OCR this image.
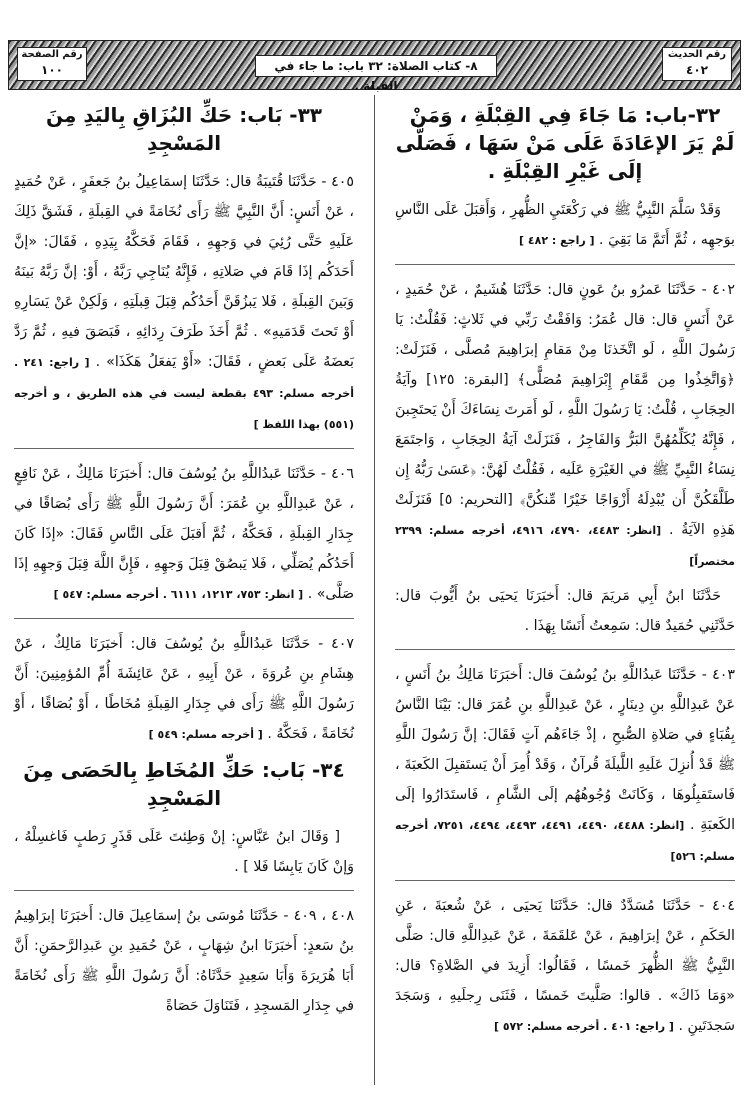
رقم الحديث
٤٠٢
٨- كتاب الصلاة: ٣٢ باب: ما جاء في القبلة .
رقم الصفحة
١٠٠
٣٢-باب: مَا جَاءَ فِي القِبْلَةِ ، وَمَنْ لَمْ يَرَ الإعَادَةَ عَلَى مَنْ سَهَا ، فَصَلَّى إلَى غَيْرِ القِبْلَةِ .

وَقَدْ سَلَّمَ النَّبِيُّ ﷺ في رَكْعَتَيِ الظُّهرِ ، وَأَقبَلَ عَلَى النَّاسِ بوَجهِه ، ثُمَّ أَتَمَّ مَا بَقِيَ . [ راجع : ٤٨٢ ]

٤٠٢ - حَدَّثَنَا عَمرُو بنُ عَونٍ قال: حَدَّثَنَا هُشَيمٌ ، عَنْ حُمَيدٍ ، عَنْ أَنَسٍ قال: قال عُمَرُ: وَافَقْتُ رَبِّي في ثَلاثٍ: فَقُلْتُ: يَا رَسُولَ اللَّهِ ، لَو اتَّخَذنَا مِنْ مَقامِ إبرَاهِيمَ مُصلَّى ، فَنَزَلَتْ: ﴿وَاتَّخِذُوا مِن مَّقَامِ إِبْرَاهِيمَ مُصَلًّى﴾ [البقرة: ١٢٥] وآيَةُ الحِجَابِ ، قُلْتُ: يَا رَسُولَ اللَّهِ ، لَو أَمَرتَ نِسَاءَكَ أَنْ يَحتَجِبنَ ، فَإِنَّهُ يُكَلِّمُهُنَّ البَرُّ وَالفَاجِرُ ، فَنَزَلَتْ آيَةُ الحِجَابِ ، وَاجتَمَعَ نِسَاءُ النَّبِيِّ ﷺ في الغَيْرَةِ عَلَيه ، فَقُلْتُ لَهُنَّ: ﴿عَسَىٰ رَبُّهُ إِن طَلَّقَكُنَّ أَن يُبْدِلَهُ أَزْوَاجًا خَيْرًا مِّنكُنَّ﴾ [التحريم: ٥] فَنَزَلَتْ هَذِهِ الآيَةُ . [انظر: ٤٤٨٣، ٤٧٩٠، ٤٩١٦، أخرجه مسلم: ٢٣٩٩ مختصراً]

حَدَّثَنَا ابنُ أَبِي مَريَمَ قال: أَخبَرَنَا يَحيَى بنُ أَيُّوبَ قال: حَدَّثَنِي حُمَيدٌ قال: سَمِعتُ أَنَسًا بِهَذَا .

٤٠٣ - حَدَّثَنَا عَبدُاللَّهِ بنُ يُوسُفَ قال: أَخبَرَنَا مَالِكُ بنُ أَنَسٍ ، عَنْ عَبدِاللَّهِ بنِ دِينَارٍ ، عَنْ عَبدِاللَّهِ بنِ عُمَرَ قال: بَيْنَا النَّاسُ بِقُبَاءٍ في صَلاةِ الصُّبحِ ، إذْ جَاءَهُم آتٍ فَقَالَ: إنَّ رَسُولَ اللَّهِ ﷺ قَدْ أُنزِلَ عَلَيهِ اللَّيلَةَ قُرآنٌ ، وَقَدْ أُمِرَ أَنْ يَستَقبِلَ الكَعبَةَ ، فَاستَقبِلُوهَا ، وَكَانَتْ وُجُوهُهُم إلَى الشَّامِ ، فَاستَدَارُوا إلَى الكَعبَةِ . [انظر: ٤٤٨٨، ٤٤٩٠، ٤٤٩١، ٤٤٩٣، ٤٤٩٤، ٧٢٥١، أخرجه مسلم: ٥٢٦]

٤٠٤ - حَدَّثَنَا مُسَدَّدٌ قال: حَدَّثَنَا يَحيَى ، عَنْ شُعبَةَ ، عَنِ الحَكَمِ ، عَنْ إبرَاهِيمَ ، عَنْ عَلقَمَةَ ، عَنْ عَبدِاللَّهِ قال: صَلَّى النَّبِيُّ ﷺ الظُّهرَ خَمسًا ، فَقَالُوا: أَزِيدَ في الصَّلاةِ؟ قال: «وَمَا ذَاكَ» . قالوا: صَلَّيتَ خَمسًا ، فَثَنَى رِجلَيهِ ، وَسَجَدَ سَجدَتَينِ . [ راجع: ٤٠١ . أخرجه مسلم: ٥٧٢ ]

٣٣- بَاب: حَكِّ البُزَاقِ بِاليَدِ مِنَ المَسْجِدِ

٤٠٥ - حَدَّثَنَا قُتَيبَةُ قال: حَدَّثَنَا إسمَاعِيلُ بنُ جَعفَرٍ ، عَنْ حُمَيدٍ ، عَنْ أَنَسٍ: أَنَّ النَّبِيَّ ﷺ رَأَى نُخَامَةً في القِبلَةِ ، فَشَقَّ ذَلِكَ عَلَيهِ حَتَّى رُئِيَ في وَجهِهِ ، فَقَامَ فَحَكَّهُ بِيَدِهِ ، فَقَالَ: «إنَّ أَحَدَكُم إذَا قَامَ في صَلاتِهِ ، فَإِنَّهُ يُنَاجِي رَبَّهُ ، أَوْ: إنَّ رَبَّهُ بَينَهُ وَبَينَ القِبلَةِ ، فَلا يَبزُقَنَّ أَحَدُكُم قِبَلَ قِبلَتِهِ ، وَلَكِنْ عَنْ يَسَارِهِ أَوْ تَحتَ قَدَمَيهِ» . ثُمَّ أَخَذَ طَرَفَ رِدَائِهِ ، فَبَصَقَ فيهِ ، ثُمَّ رَدَّ بَعضَهُ عَلَى بَعضٍ ، فَقَالَ: «أَوْ يَفعَلُ هَكَذَا» . [ راجع: ٢٤١ . أخرجه مسلم: ٤٩٣ بقطعة ليست في هذه الطريق ، و أخرجه (٥٥١) بهذا اللفظ ]

٤٠٦ - حَدَّثَنَا عَبدُاللَّهِ بنُ يُوسُفَ قال: أَخبَرَنَا مَالِكٌ ، عَنْ نَافِعٍ ، عَنْ عَبدِاللَّهِ بنِ عُمَرَ: أَنَّ رَسُولَ اللَّهِ ﷺ رَأَى بُصَاقًا في جِدَارِ القِبلَةِ ، فَحَكَّهُ ، ثُمَّ أَقبَلَ عَلَى النَّاسِ فَقَالَ: «إذَا كَانَ أَحَدُكُم يُصَلِّي ، فَلا يَبصُقْ قِبَلَ وَجهِهِ ، فَإِنَّ اللَّهَ قِبَلَ وَجهِهِ إذَا صَلَّى» . [ انظر: ٧٥٣، ١٢١٣، ٦١١١ . أخرجه مسلم: ٥٤٧ ]

٤٠٧ - حَدَّثَنَا عَبدُاللَّهِ بنُ يُوسُفَ قال: أَخبَرَنَا مَالِكٌ ، عَنْ هِشَامِ بنِ عُروَةَ ، عَنْ أَبِيهِ ، عَنْ عَائِشَةَ أُمِّ المُؤمِنِينَ: أَنَّ رَسُولَ اللَّهِ ﷺ رَأَى في جِدَارِ القِبلَةِ مُخَاطًا ، أَوْ بُصَاقًا ، أَوْ نُخَامَةً ، فَحَكَّهُ . [ أخرجه مسلم: ٥٤٩ ]

٣٤- بَاب: حَكِّ المُخَاطِ بِالحَصَى مِنَ المَسْجِدِ

[ وَقَالَ ابنُ عَبَّاسٍ: إنْ وَطِئتَ عَلَى قَذَرٍ رَطبٍ فَاغسِلْهُ ، وَإنْ كَانَ يَابِسًا فَلا ] .

٤٠٨ ، ٤٠٩ - حَدَّثَنَا مُوسَى بنُ إسمَاعِيلَ قال: أَخبَرَنَا إبرَاهِيمُ بنُ سَعدٍ: أَخبَرَنَا ابنُ شِهَابٍ ، عَنْ حُمَيدِ بنِ عَبدِالرَّحمَنِ: أَنَّ أَبَا هُرَيرَةَ وَأَبَا سَعِيدٍ حَدَّثَاهُ: أَنَّ رَسُولَ اللَّهِ ﷺ رَأَى نُخَامَةً في جِدَارِ المَسجِدِ ، فَتَنَاوَلَ حَصَاةً
